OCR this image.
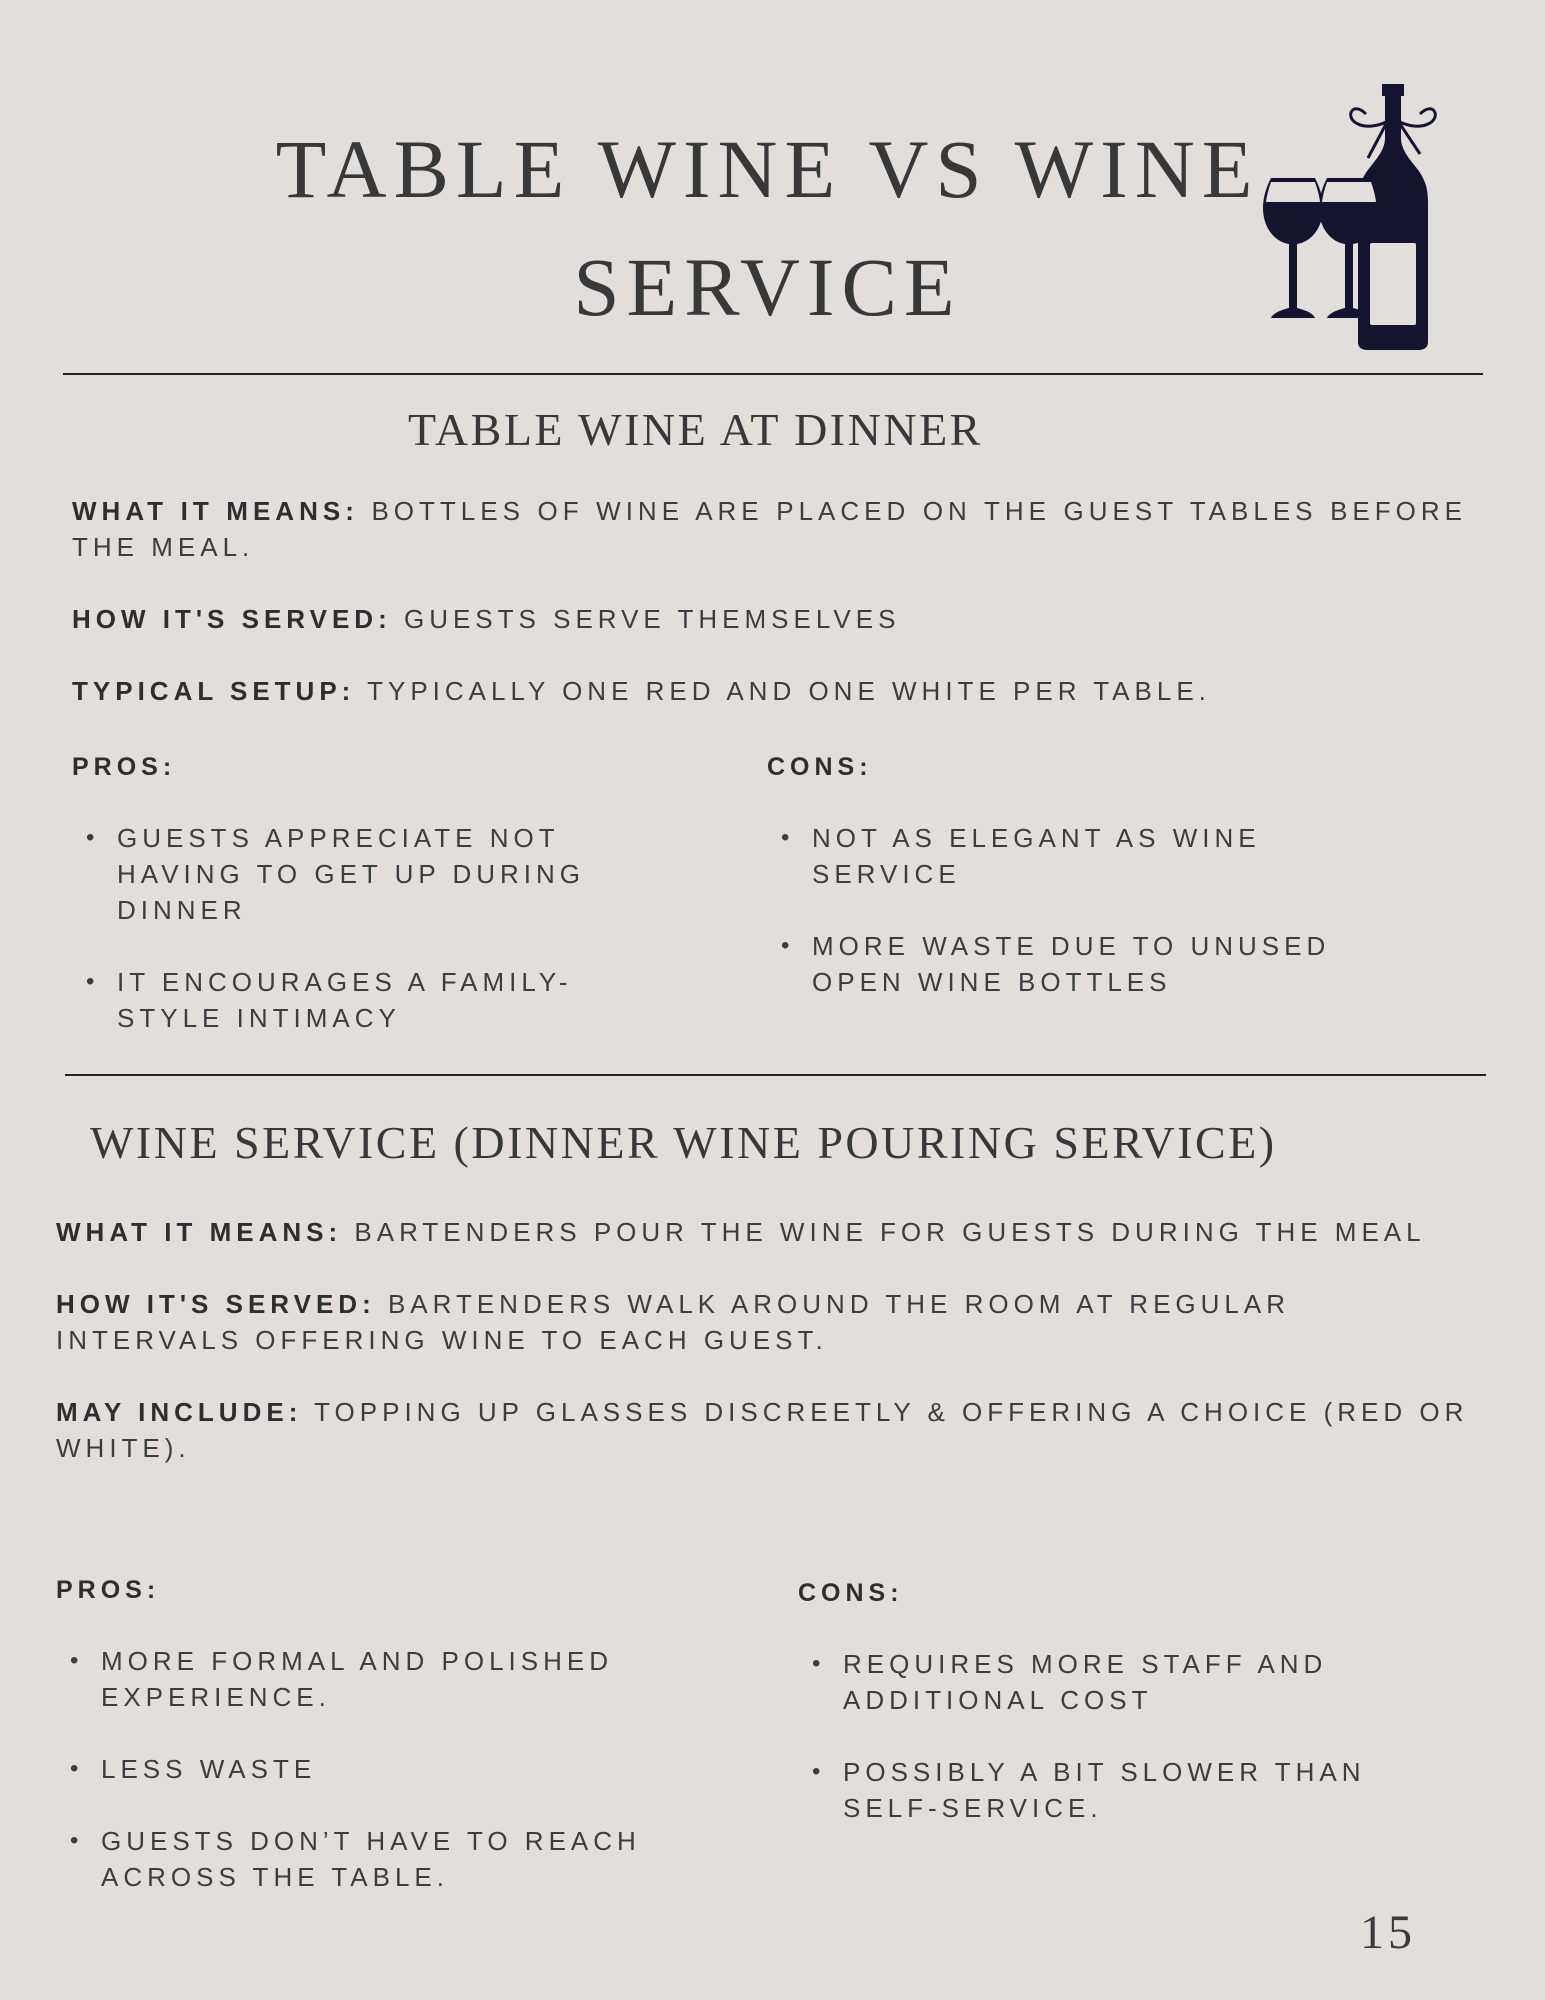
TABLE WINE VS WINE SERVICE
TABLE WINE AT DINNER

WHAT IT MEANS: BOTTLES OF WINE ARE PLACED ON THE GUEST TABLES BEFORE THE MEAL.

HOW IT'S SERVED: GUESTS SERVE THEMSELVES

TYPICAL SETUP: TYPICALLY ONE RED AND ONE WHITE PER TABLE.

PROS:

• GUESTS APPRECIATE NOT HAVING TO GET UP DURING DINNER
• IT ENCOURAGES A FAMILY-STYLE INTIMACY

CONS:

• NOT AS ELEGANT AS WINE SERVICE
• MORE WASTE DUE TO UNUSED OPEN WINE BOTTLES
WINE SERVICE (DINNER WINE POURING SERVICE)

WHAT IT MEANS: BARTENDERS POUR THE WINE FOR GUESTS DURING THE MEAL

HOW IT'S SERVED: BARTENDERS WALK AROUND THE ROOM AT REGULAR INTERVALS OFFERING WINE TO EACH GUEST.

MAY INCLUDE: TOPPING UP GLASSES DISCREETLY & OFFERING A CHOICE (RED OR WHITE).

PROS:

• MORE FORMAL AND POLISHED EXPERIENCE.
• LESS WASTE
• GUESTS DON’T HAVE TO REACH ACROSS THE TABLE.

CONS:

• REQUIRES MORE STAFF AND ADDITIONAL COST
• POSSIBLY A BIT SLOWER THAN SELF-SERVICE.
15
